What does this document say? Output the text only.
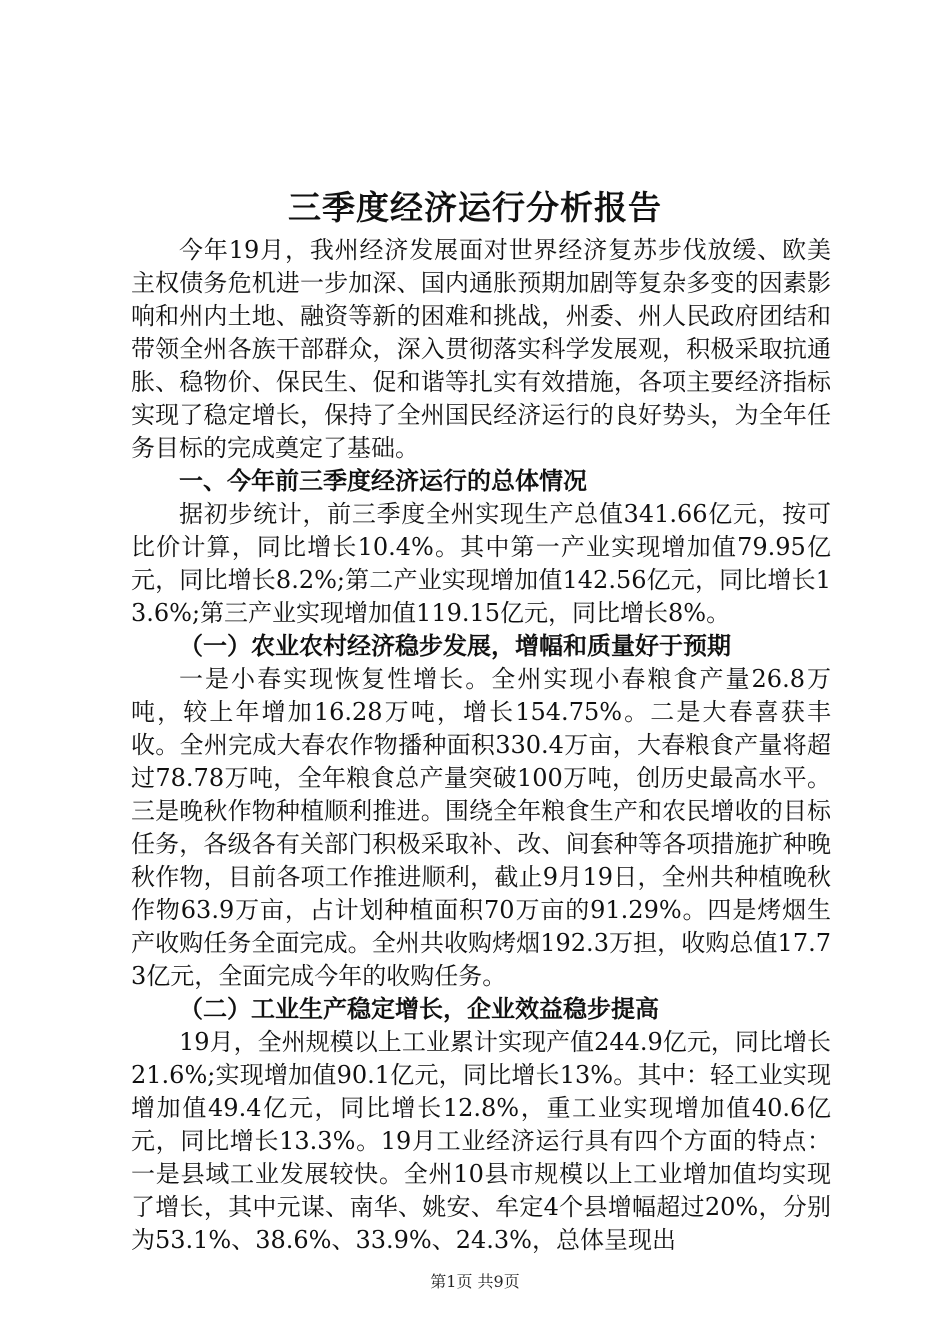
三季度经济运行分析报告

今年19月，我州经济发展面对世界经济复苏步伐放缓、欧美主权债务危机进一步加深、国内通胀预期加剧等复杂多变的因素影响和州内土地、融资等新的困难和挑战，州委、州人民政府团结和带领全州各族干部群众，深入贯彻落实科学发展观，积极采取抗通胀、稳物价、保民生、促和谐等扎实有效措施，各项主要经济指标实现了稳定增长，保持了全州国民经济运行的良好势头，为全年任务目标的完成奠定了基础。

一、今年前三季度经济运行的总体情况

据初步统计，前三季度全州实现生产总值341.66亿元，按可比价计算，同比增长10.4%。其中第一产业实现增加值79.95亿元，同比增长8.2%;第二产业实现增加值142.56亿元，同比增长13.6%;第三产业实现增加值119.15亿元，同比增长8%。

（一）农业农村经济稳步发展，增幅和质量好于预期

一是小春实现恢复性增长。全州实现小春粮食产量26.8万吨，较上年增加16.28万吨，增长154.75%。二是大春喜获丰收。全州完成大春农作物播种面积330.4万亩，大春粮食产量将超过78.78万吨，全年粮食总产量突破100万吨，创历史最高水平。三是晚秋作物种植顺利推进。围绕全年粮食生产和农民增收的目标任务，各级各有关部门积极采取补、改、间套种等各项措施扩种晚秋作物，目前各项工作推进顺利，截止9月19日，全州共种植晚秋作物63.9万亩，占计划种植面积70万亩的91.29%。四是烤烟生产收购任务全面完成。全州共收购烤烟192.3万担，收购总值17.73亿元，全面完成今年的收购任务。

（二）工业生产稳定增长，企业效益稳步提高

19月，全州规模以上工业累计实现产值244.9亿元，同比增长21.6%;实现增加值90.1亿元，同比增长13%。其中：轻工业实现增加值49.4亿元，同比增长12.8%，重工业实现增加值40.6亿元，同比增长13.3%。19月工业经济运行具有四个方面的特点：一是县域工业发展较快。全州10县市规模以上工业增加值均实现了增长，其中元谋、南华、姚安、牟定4个县增幅超过20%，分别为53.1%、38.6%、33.9%、24.3%，总体呈现出

第1页 共9页
